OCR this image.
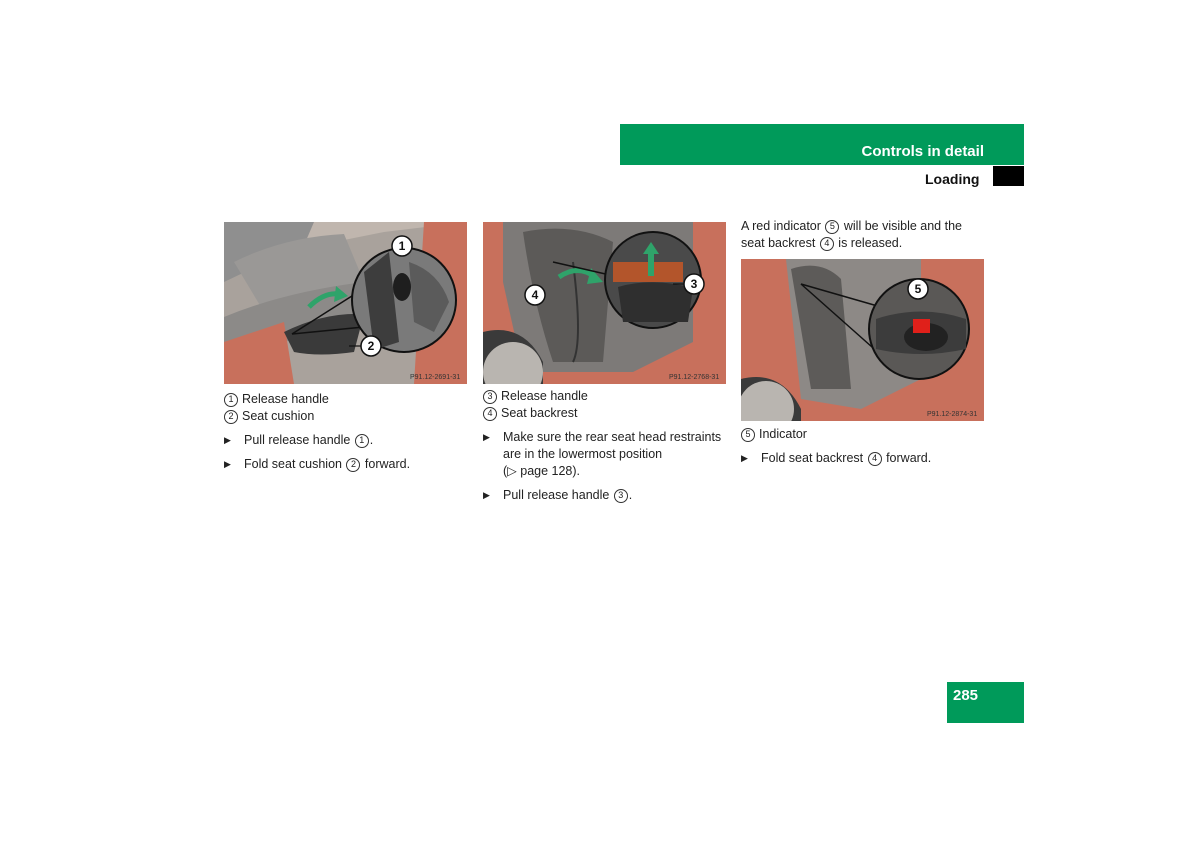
Controls in detail
Loading
1
2
P91.12-2691-31
4
3
P91.12-2768-31
5
P91.12-2874-31
1 Release handle
2 Seat cushion
▶	Pull release handle 1 .
▶	Fold seat cushion 2 forward.
3 Release handle
4 Seat backrest
▶	Make sure the rear seat head restraints
are in the lowermost position
(▷ page 128).
▶	Pull release handle 3 .
A red indicator 5 will be visible and the
seat backrest 4 is released.
5 Indicator
▶	Fold seat backrest 4 forward.
285
